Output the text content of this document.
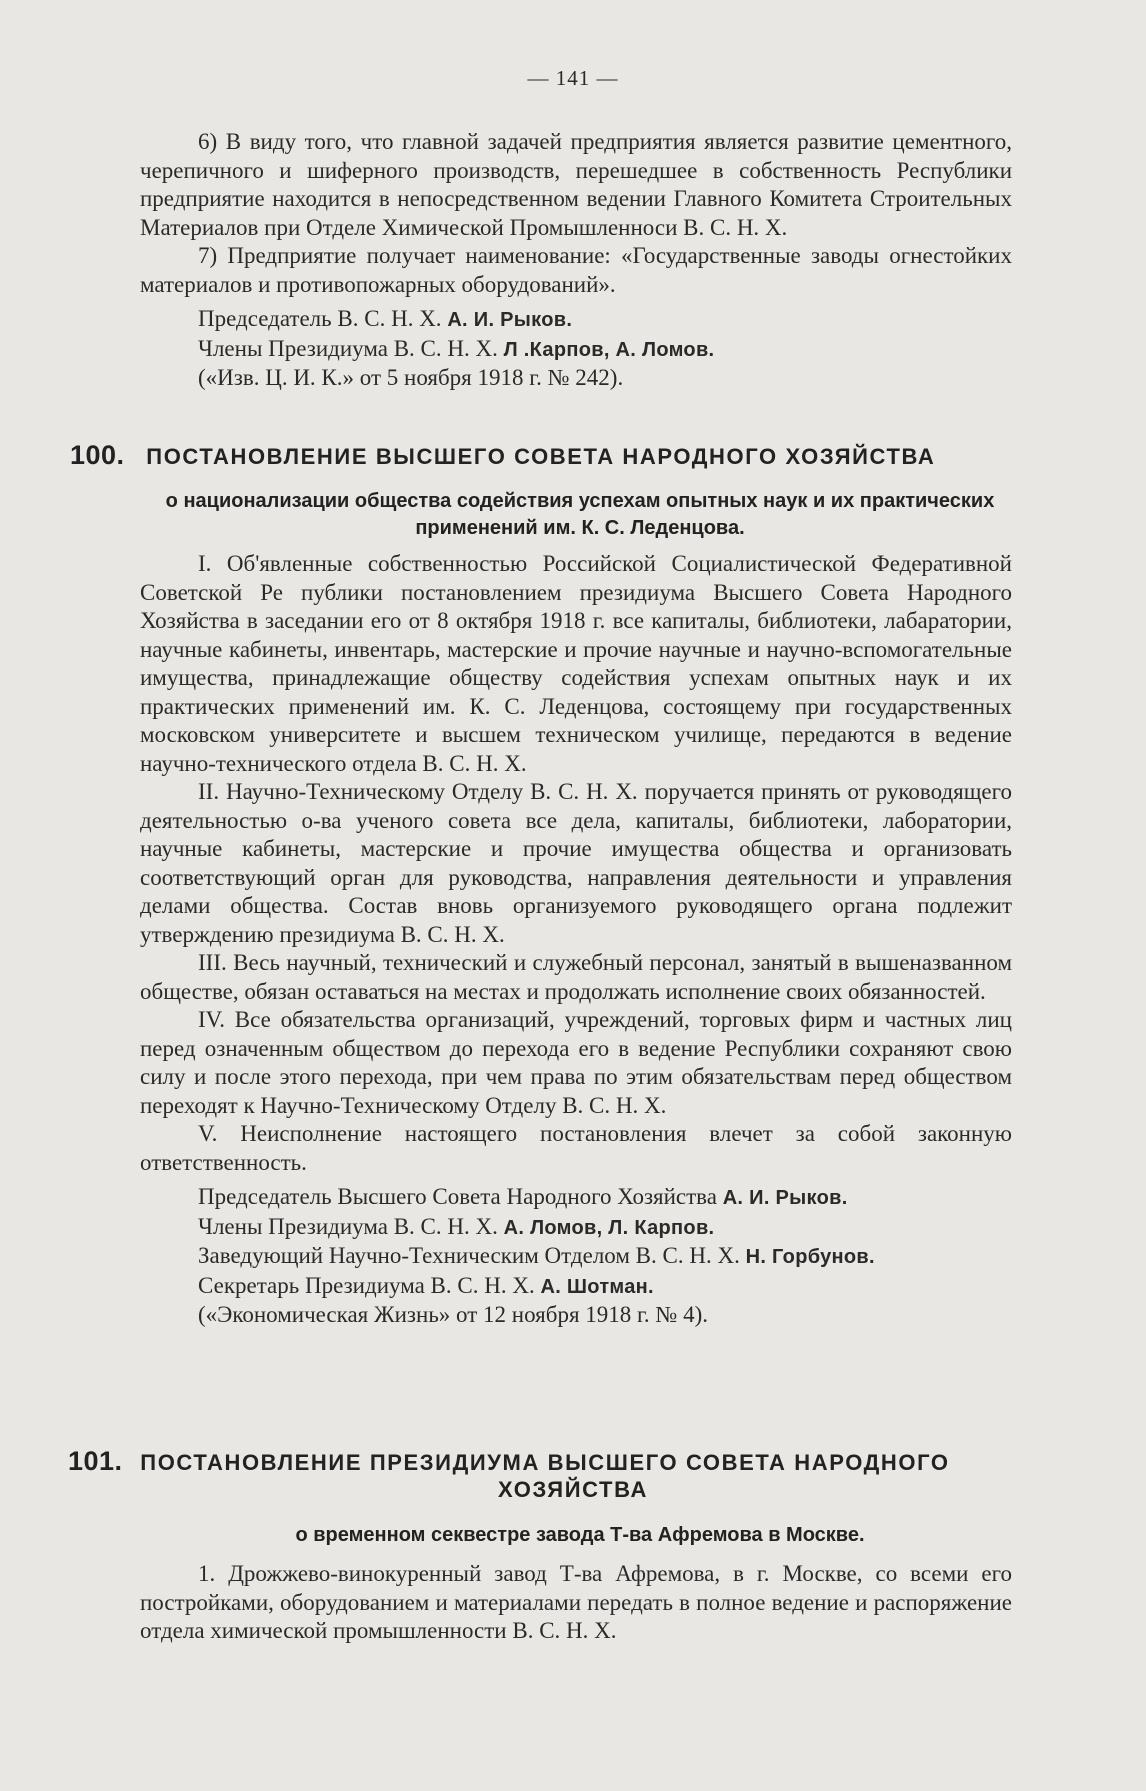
— 141 —

6) В виду того, что главной задачей предприятия является развитие цементного, черепичного и шиферного производств, перешедшее в собственность Республики предприятие находится в непосредственном ведении Главного Комитета Строительных Материалов при Отделе Химической Промышленноси В. С. Н. Х.

7) Предприятие получает наименование: «Государственные заводы огнестойких материалов и противопожарных оборудований».

Председатель В. С. Н. Х. А. И. Рыков.
Члены Президиума В. С. Н. Х. Л .Карпов, А. Ломов.
(«Изв. Ц. И. К.» от 5 ноября 1918 г. № 242).
100. ПОСТАНОВЛЕНИЕ ВЫСШЕГО СОВЕТА НАРОДНОГО ХОЗЯЙСТВА
о национализации общества содействия успехам опытных наук и их практических применений им. К. С. Леденцова.

I. Об'явленные собственностью Российской Социалистической Федеративной Советской Ре публики постановлением президиума Высшего Совета Народного Хозяйства в заседании его от 8 октября 1918 г. все капиталы, библиотеки, лабаратории, научные кабинеты, инвентарь, мастерские и прочие научные и научно-вспомогательные имущества, принадлежащие обществу содействия успехам опытных наук и их практических применений им. К. С. Леденцова, состоящему при государственных московском университете и высшем техническом училище, передаются в ведение научно-технического отдела В. С. Н. Х.

II. Научно-Техническому Отделу В. С. Н. Х. поручается принять от руководящего деятельностью о-ва ученого совета все дела, капиталы, библиотеки, лаборатории, научные кабинеты, мастерские и прочие имущества общества и организовать соответствующий орган для руководства, направления деятельности и управления делами общества. Состав вновь организуемого руководящего органа подлежит утверждению президиума В. С. Н. Х.

III. Весь научный, технический и служебный персонал, занятый в вышеназванном обществе, обязан оставаться на местах и продолжать исполнение своих обязанностей.

IV. Все обязательства организаций, учреждений, торговых фирм и частных лиц перед означенным обществом до перехода его в ведение Республики сохраняют свою силу и после этого перехода, при чем права по этим обязательствам перед обществом переходят к Научно-Техническому Отделу В. С. Н. Х.

V. Неисполнение настоящего постановления влечет за собой законную ответственность.

Председатель Высшего Совета Народного Хозяйства А. И. Рыков.
Члены Президиума В. С. Н. Х. А. Ломов, Л. Карпов.
Заведующий Научно-Техническим Отделом В. С. Н. Х. Н. Горбунов.
Секретарь Президиума В. С. Н. Х. А. Шотман.
(«Экономическая Жизнь» от 12 ноября 1918 г. № 4).
101. ПОСТАНОВЛЕНИЕ ПРЕЗИДИУМА ВЫСШЕГО СОВЕТА НАРОДНОГО
ХОЗЯЙСТВА
о временном секвестре завода Т-ва Афремова в Москве.

1. Дрожжево-винокуренный завод Т-ва Афремова, в г. Москве, со всеми его постройками, оборудованием и материалами передать в полное ведение и распоряжение отдела химической промышленности В. С. Н. Х.
